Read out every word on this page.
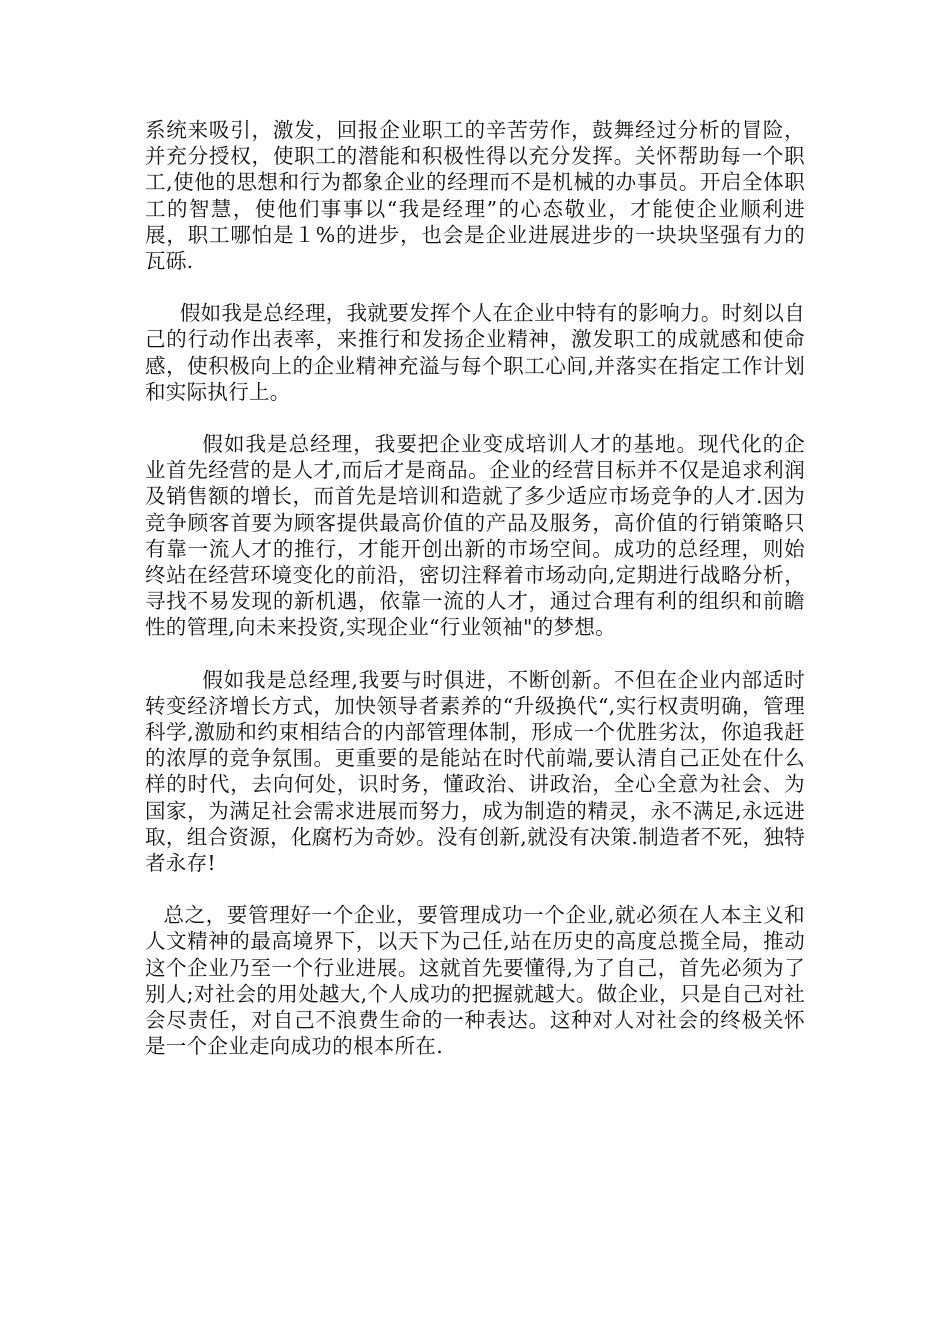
系统来吸引，激发，回报企业职工的辛苦劳作，鼓舞经过分析的冒险，并充分授权，使职工的潜能和积极性得以充分发挥。关怀帮助每一个职工,使他的思想和行为都象企业的经理而不是机械的办事员。开启全体职工的智慧，使他们事事以“我是经理”的心态敬业，才能使企业顺利进展，职工哪怕是１%的进步，也会是企业进展进步的一块块坚强有力的瓦砾.

假如我是总经理，我就要发挥个人在企业中特有的影响力。时刻以自己的行动作出表率，来推行和发扬企业精神，激发职工的成就感和使命感，使积极向上的企业精神充溢与每个职工心间,并落实在指定工作计划和实际执行上。

假如我是总经理，我要把企业变成培训人才的基地。现代化的企业首先经营的是人才,而后才是商品。企业的经营目标并不仅是追求利润及销售额的增长，而首先是培训和造就了多少适应市场竞争的人才.因为竞争顾客首要为顾客提供最高价值的产品及服务，高价值的行销策略只有靠一流人才的推行，才能开创出新的市场空间。成功的总经理，则始终站在经营环境变化的前沿，密切注释着市场动向,定期进行战略分析，寻找不易发现的新机遇，依靠一流的人才，通过合理有利的组织和前瞻性的管理,向未来投资,实现企业“行业领袖"的梦想。

假如我是总经理,我要与时俱进，不断创新。不但在企业内部适时转变经济增长方式，加快领导者素养的“升级换代“,实行权责明确，管理科学,激励和约束相结合的内部管理体制，形成一个优胜劣汰，你追我赶的浓厚的竞争氛围。更重要的是能站在时代前端,要认清自己正处在什么样的时代，去向何处，识时务，懂政治、讲政治，全心全意为社会、为国家，为满足社会需求进展而努力，成为制造的精灵，永不满足,永远进取，组合资源，化腐朽为奇妙。没有创新,就没有决策.制造者不死，独特者永存!

总之，要管理好一个企业，要管理成功一个企业,就必须在人本主义和人文精神的最高境界下，以天下为己任,站在历史的高度总揽全局，推动这个企业乃至一个行业进展。这就首先要懂得,为了自己，首先必须为了别人;对社会的用处越大,个人成功的把握就越大。做企业，只是自己对社会尽责任，对自己不浪费生命的一种表达。这种对人对社会的终极关怀是一个企业走向成功的根本所在.
